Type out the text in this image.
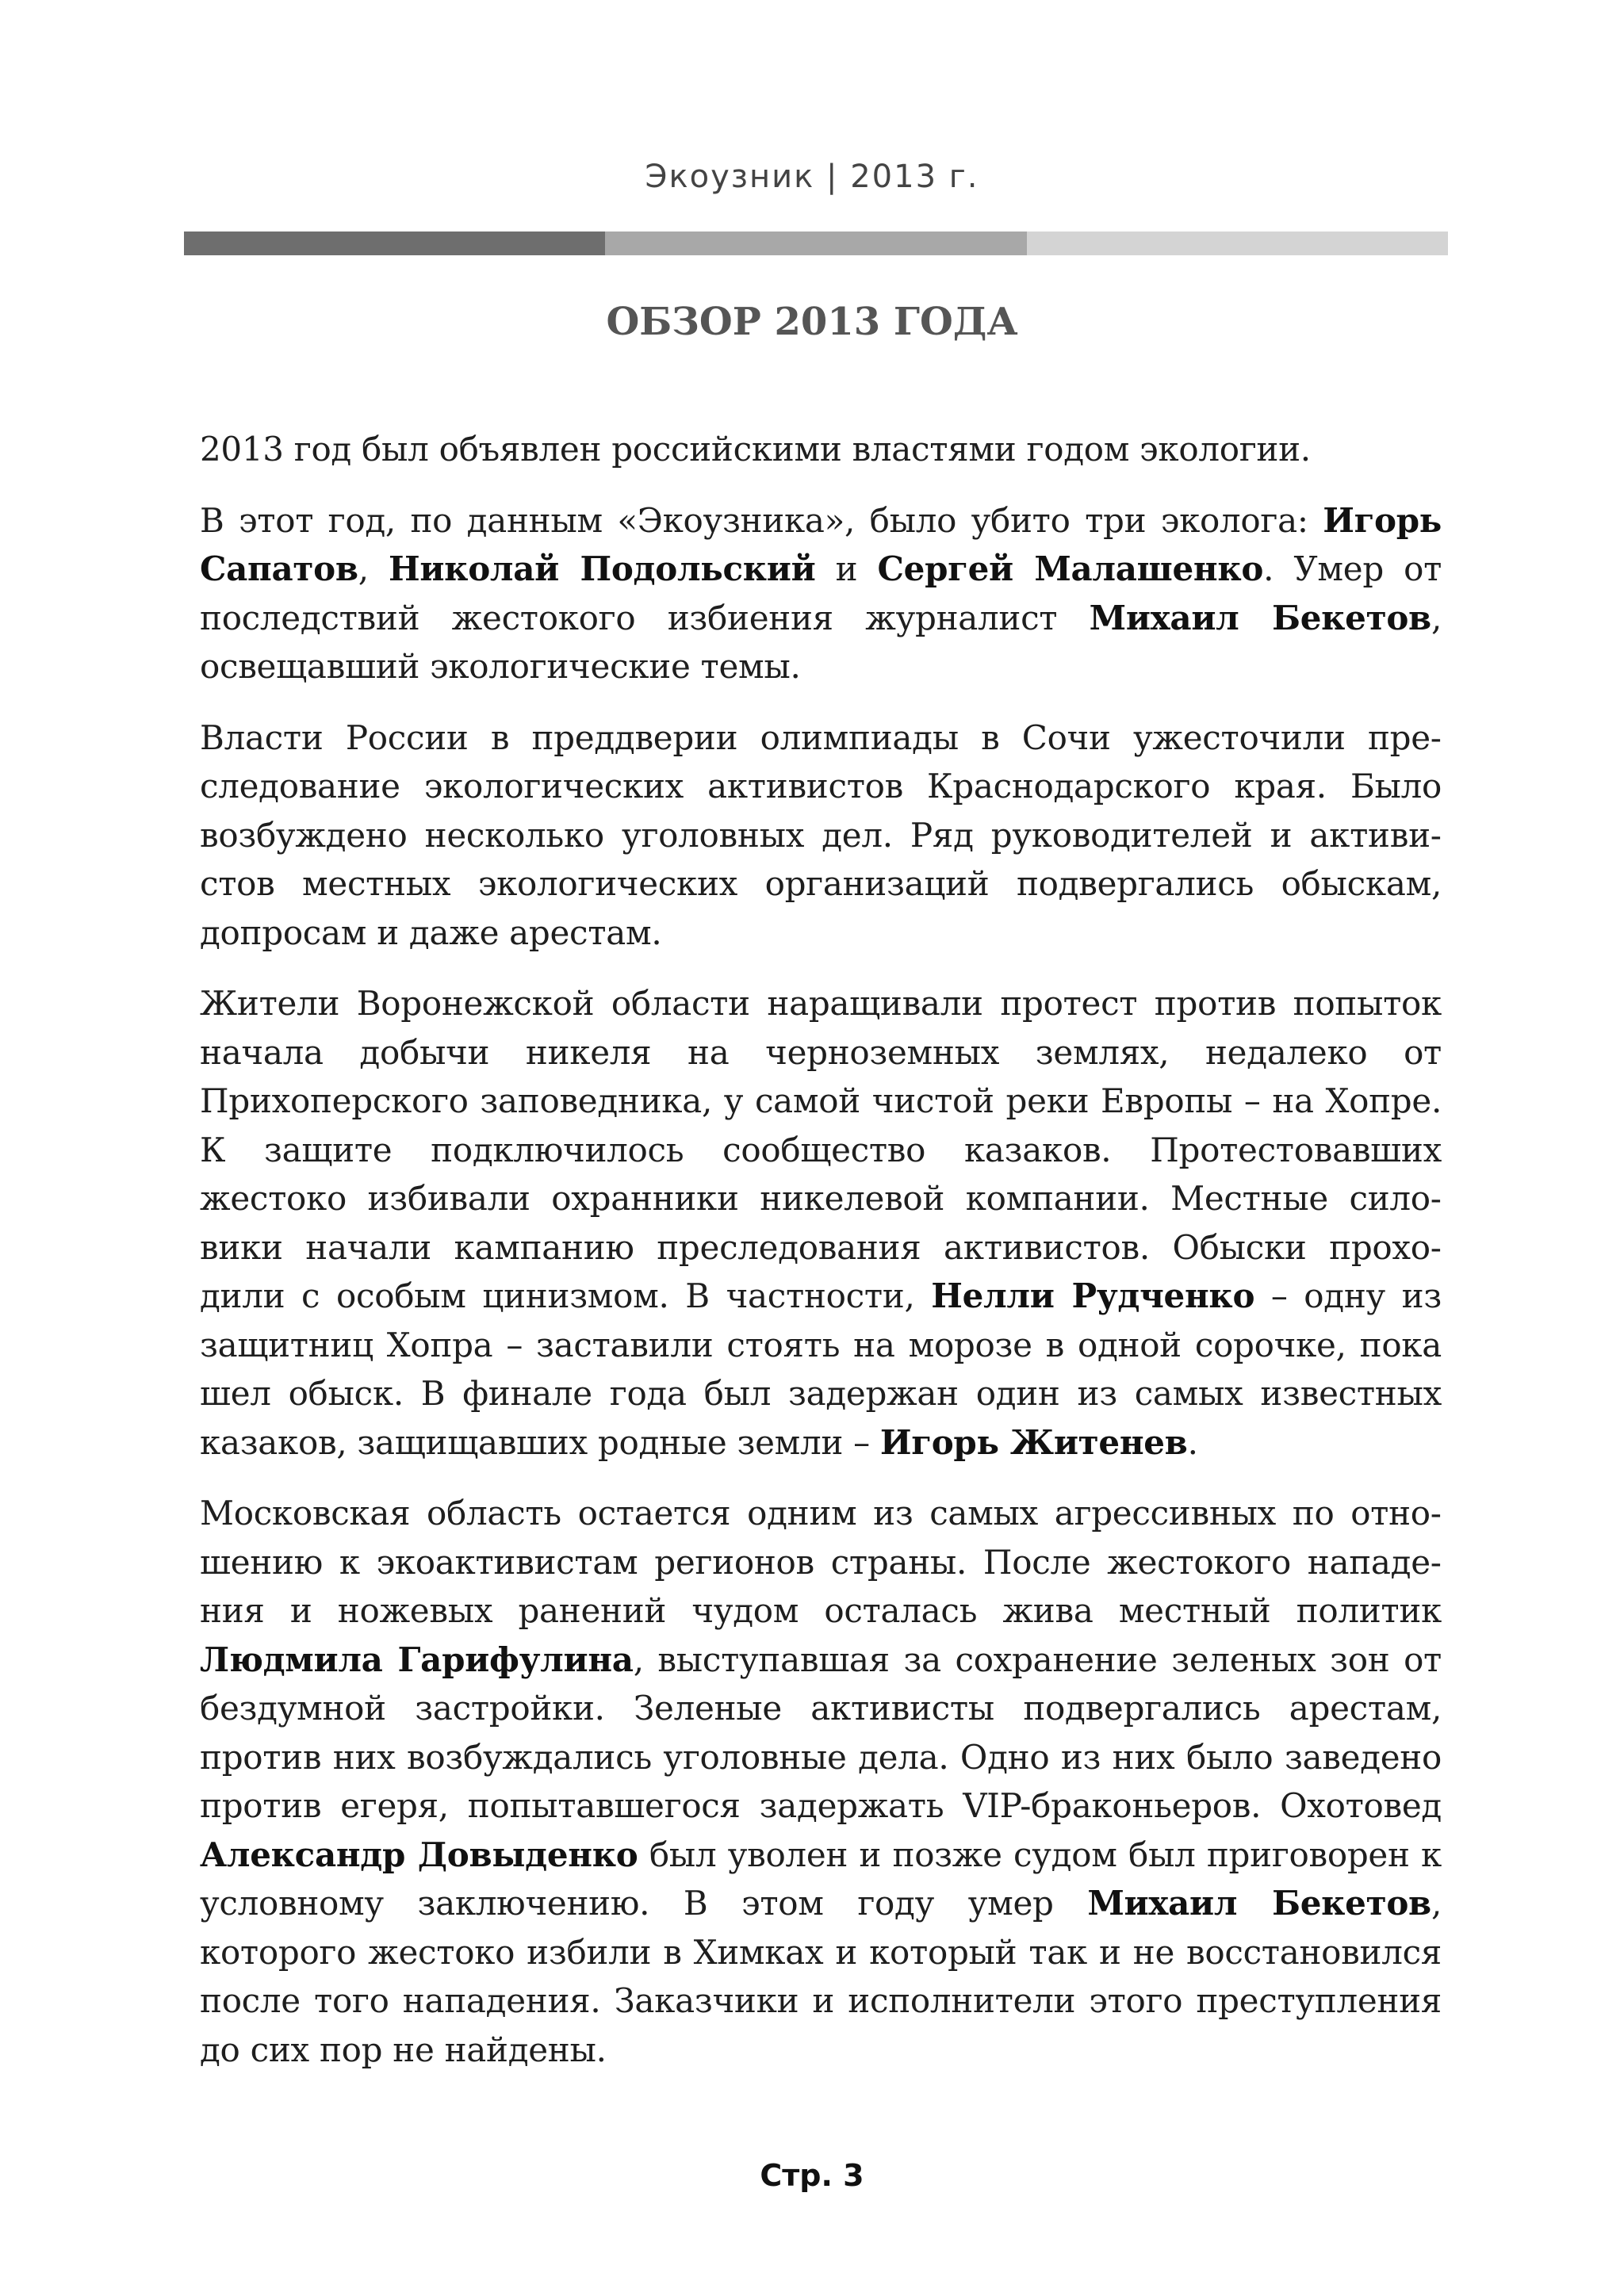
Экоузник | 2013 г.
ОБЗОР 2013 ГОДА

2013 год был объявлен российскими властями годом экологии.

В этот год, по данным «Экоузника», было убито три эколога: Игорь Сапатов, Николай Подольский и Сергей Малашенко. Умер от последствий жестокого избиения журналист Михаил Бекетов, освещавший экологические темы.

Власти России в преддверии олимпиады в Сочи ужесточили преследование экологических активистов Краснодарского края. Было возбуждено несколько уголовных дел. Ряд руководителей и активистов местных экологических организаций подвергались обыскам, допросам и даже арестам.

Жители Воронежской области наращивали протест против попыток начала добычи никеля на черноземных землях, недалеко от Прихоперского заповедника, у самой чистой реки Европы – на Хопре. К защите подключилось сообщество казаков. Протестовавших жестоко избивали охранники никелевой компании. Местные силовики начали кампанию преследования активистов. Обыски проходили с особым цинизмом. В частности, Нелли Рудченко – одну из защитниц Хопра – заставили стоять на морозе в одной сорочке, пока шел обыск. В финале года был задержан один из самых известных казаков, защищавших родные земли – Игорь Житенев.

Московская область остается одним из самых агрессивных по отношению к экоактивистам регионов страны. После жестокого нападения и ножевых ранений чудом осталась жива местный политик Людмила Гарифулина, выступавшая за сохранение зеленых зон от бездумной застройки. Зеленые активисты подвергались арестам, против них возбуждались уголовные дела. Одно из них было заведено против егеря, попытавшегося задержать VIP-браконьеров. Охотовед Александр Довыденко был уволен и позже судом был приговорен к условному заключению. В этом году умер Михаил Бекетов, которого жестоко избили в Химках и который так и не восстановился после того нападения. Заказчики и исполнители этого преступления до сих пор не найдены.

Стр. 3
